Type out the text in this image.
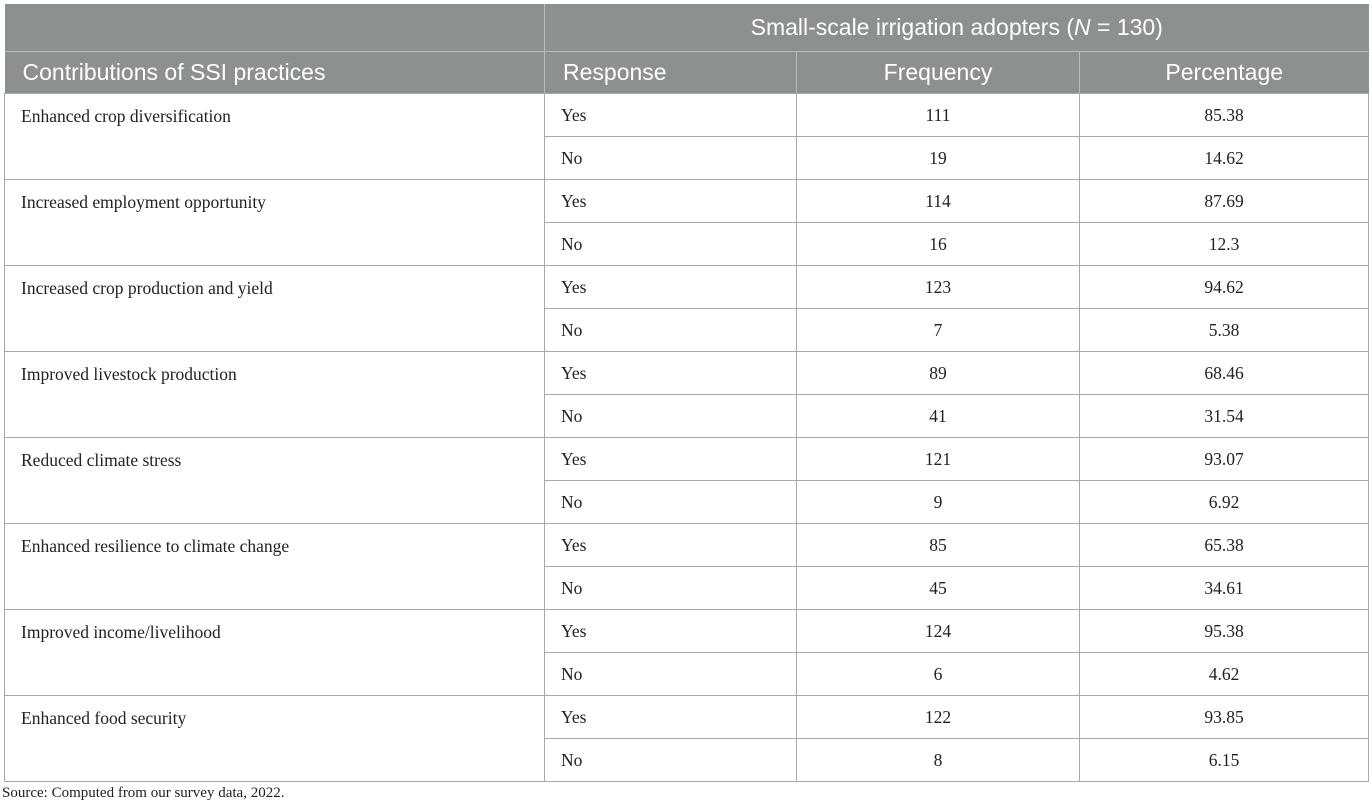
	Small-scale irrigation adopters (N = 130)		
Contributions of SSI practices	Response	Frequency	Percentage
Enhanced crop diversification	Yes	111	85.38
	No	19	14.62
Increased employment opportunity	Yes	114	87.69
	No	16	12.3
Increased crop production and yield	Yes	123	94.62
	No	7	5.38
Improved livestock production	Yes	89	68.46
	No	41	31.54
Reduced climate stress	Yes	121	93.07
	No	9	6.92
Enhanced resilience to climate change	Yes	85	65.38
	No	45	34.61
Improved income/livelihood	Yes	124	95.38
	No	6	4.62
Enhanced food security	Yes	122	93.85
	No	8	6.15
Source: Computed from our survey data, 2022.
